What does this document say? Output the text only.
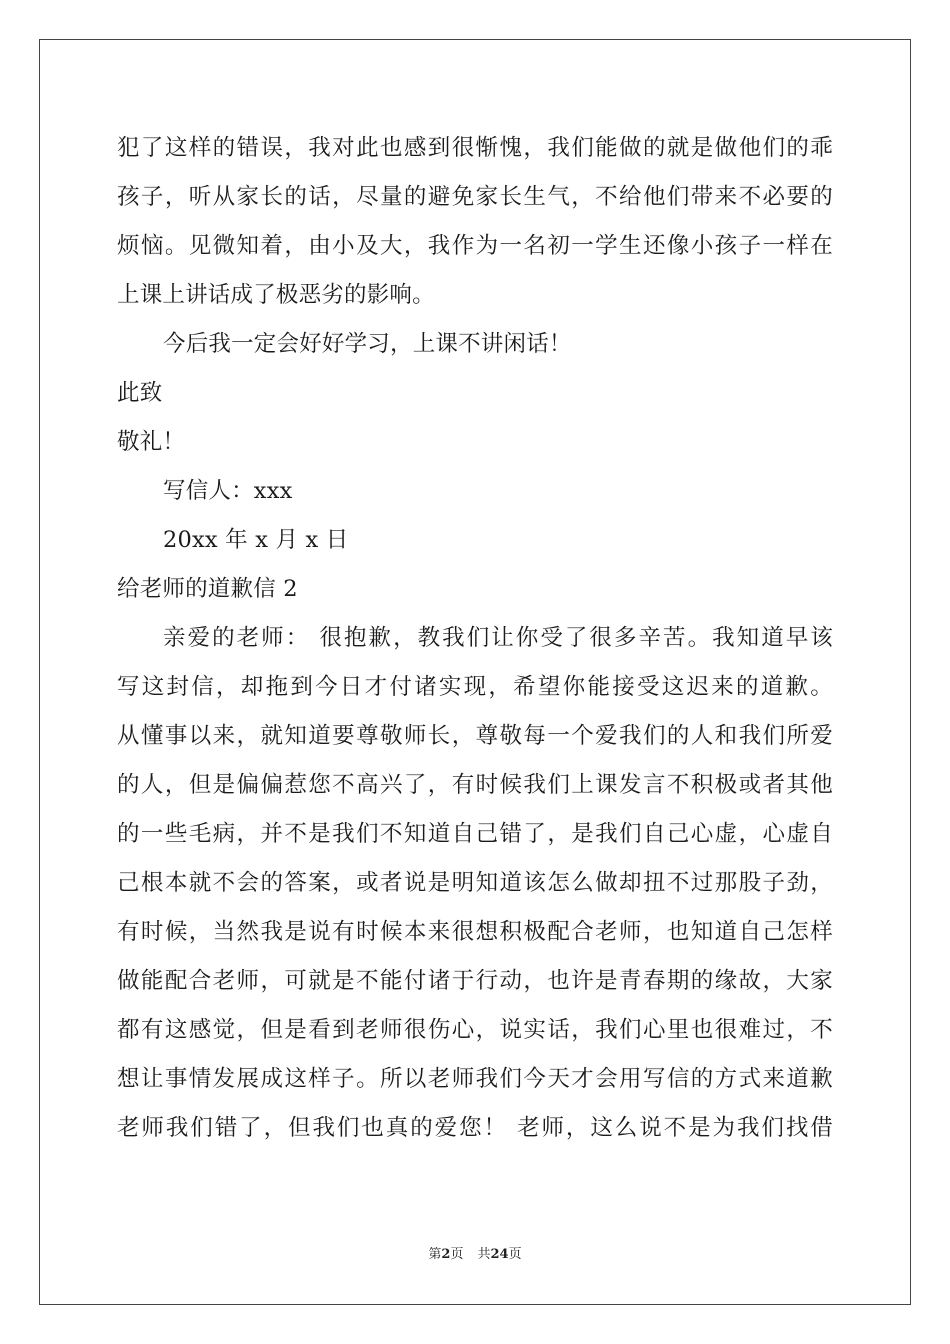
犯了这样的错误，我对此也感到很惭愧，我们能做的就是做他们的乖
孩子，听从家长的话，尽量的避免家长生气，不给他们带来不必要的
烦恼。见微知着，由小及大，我作为一名初一学生还像小孩子一样在
上课上讲话成了极恶劣的影响。
今后我一定会好好学习，上课不讲闲话！
此致
敬礼！
写信人：xxx
20xx 年 x 月 x 日
给老师的道歉信 2
亲爱的老师： 很抱歉，教我们让你受了很多辛苦。我知道早该
写这封信，却拖到今日才付诸实现，希望你能接受这迟来的道歉。
从懂事以来，就知道要尊敬师长，尊敬每一个爱我们的人和我们所爱
的人，但是偏偏惹您不高兴了，有时候我们上课发言不积极或者其他
的一些毛病，并不是我们不知道自己错了，是我们自己心虚，心虚自
己根本就不会的答案，或者说是明知道该怎么做却扭不过那股子劲，
有时候，当然我是说有时候本来很想积极配合老师，也知道自己怎样
做能配合老师，可就是不能付诸于行动，也许是青春期的缘故，大家
都有这感觉，但是看到老师很伤心，说实话，我们心里也很难过，不
想让事情发展成这样子。所以老师我们今天才会用写信的方式来道歉
老师我们错了，但我们也真的爱您！ 老师，这么说不是为我们找借
第2页 共24页
